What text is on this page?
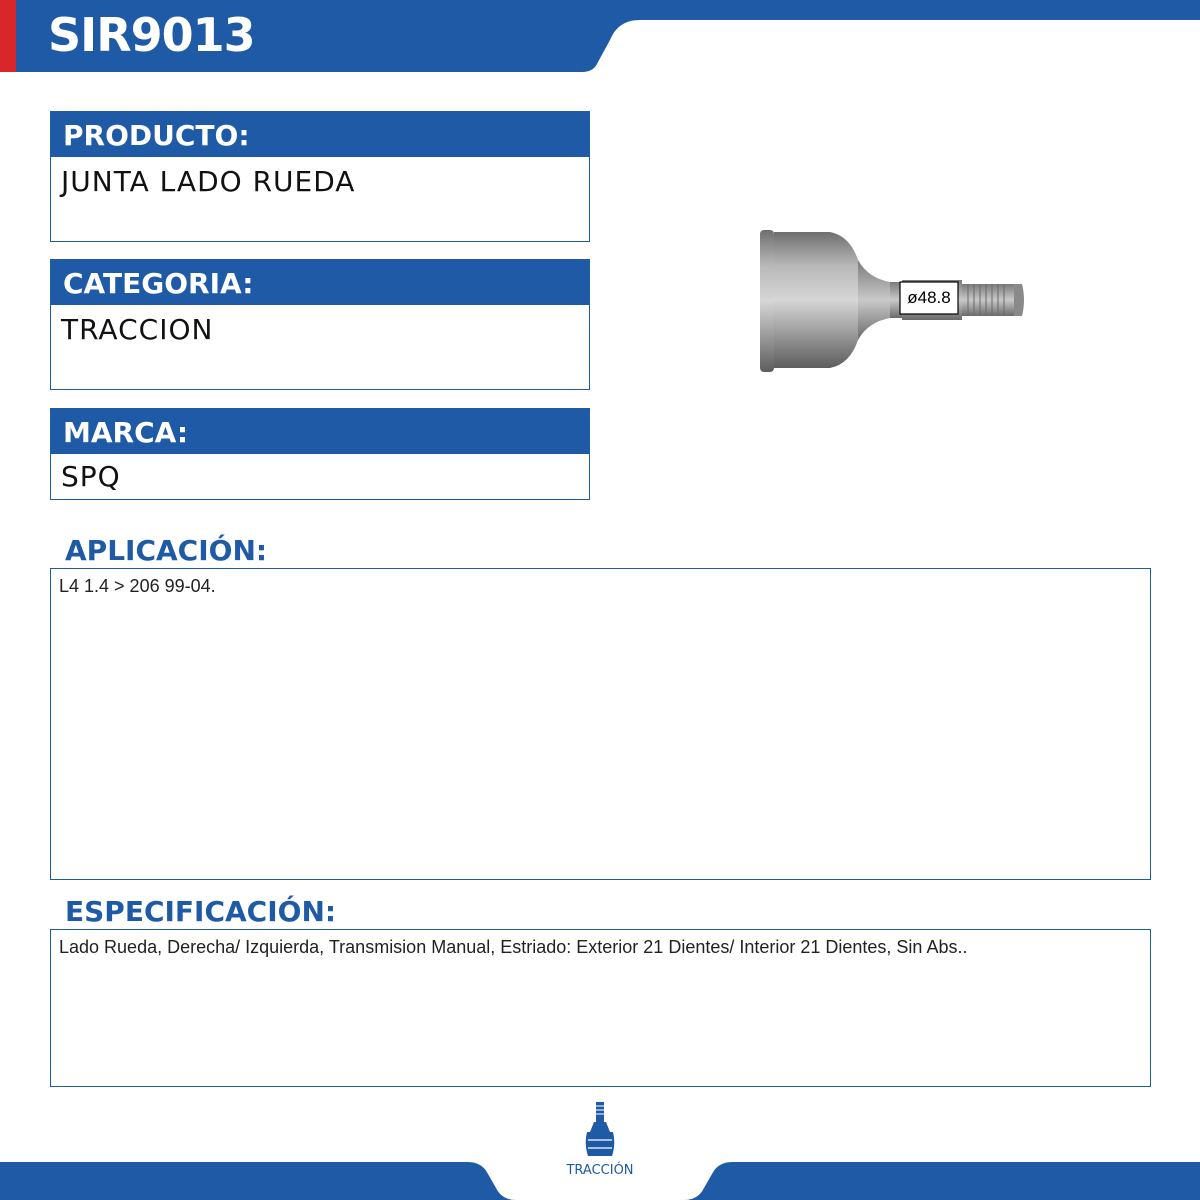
SIR9013
PRODUCTO:
JUNTA LADO RUEDA
CATEGORIA:
TRACCION
MARCA:
SPQ
ø48.8
APLICACIÓN:
L4 1.4 > 206 99-04.
ESPECIFICACIÓN:
Lado Rueda, Derecha/ Izquierda, Transmision Manual, Estriado: Exterior 21 Dientes/ Interior 21 Dientes, Sin Abs..
TRACCIÓN
